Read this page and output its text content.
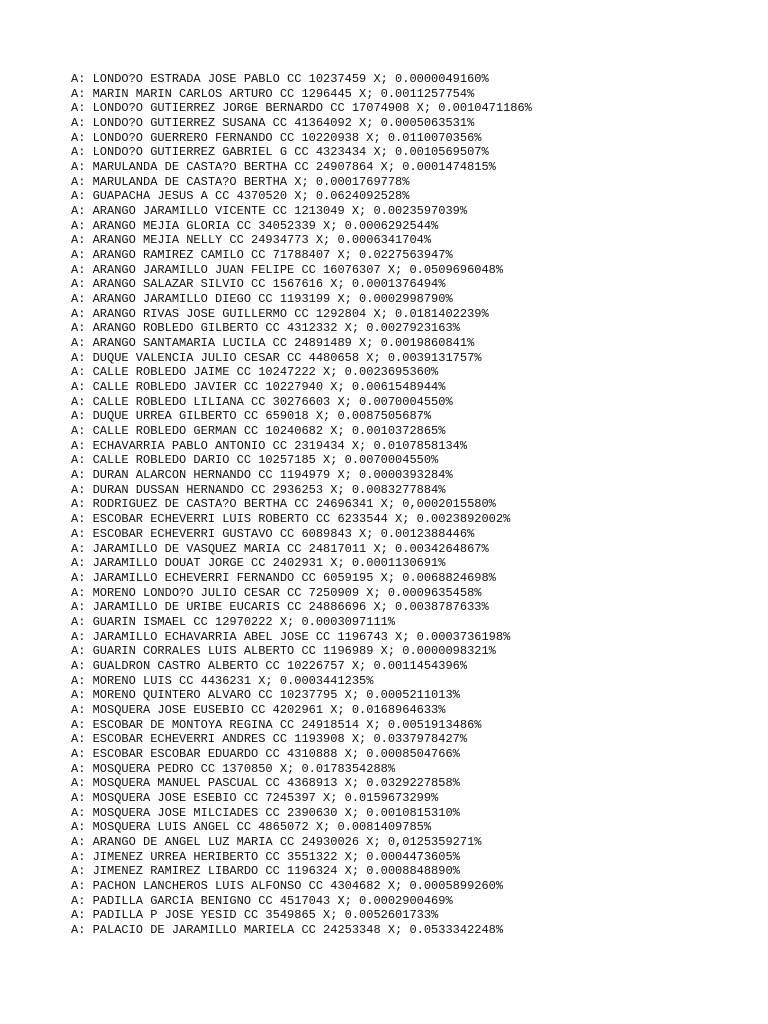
A: LONDO?O ESTRADA JOSE PABLO CC 10237459 X; 0.0000049160%
A: MARIN MARIN CARLOS ARTURO CC 1296445 X; 0.0011257754%
A: LONDO?O GUTIERREZ JORGE BERNARDO CC 17074908 X; 0.0010471186%
A: LONDO?O GUTIERREZ SUSANA CC 41364092 X; 0.0005063531%
A: LONDO?O GUERRERO FERNANDO CC 10220938 X; 0.0110070356%
A: LONDO?O GUTIERREZ GABRIEL G CC 4323434 X; 0.0010569507%
A: MARULANDA DE CASTA?O BERTHA CC 24907864 X; 0.0001474815%
A: MARULANDA DE CASTA?O BERTHA X; 0.0001769778%
A: GUAPACHA JESUS A CC 4370520 X; 0.0624092528%
A: ARANGO JARAMILLO VICENTE CC 1213049 X; 0.0023597039%
A: ARANGO MEJIA GLORIA CC 34052339 X; 0.0006292544%
A: ARANGO MEJIA NELLY CC 24934773 X; 0.0006341704%
A: ARANGO RAMIREZ CAMILO CC 71788407 X; 0.0227563947%
A: ARANGO JARAMILLO JUAN FELIPE CC 16076307 X; 0.0509696048%
A: ARANGO SALAZAR SILVIO CC 1567616 X; 0.0001376494%
A: ARANGO JARAMILLO DIEGO CC 1193199 X; 0.0002998790%
A: ARANGO RIVAS JOSE GUILLERMO CC 1292804 X; 0.0181402239%
A: ARANGO ROBLEDO GILBERTO CC 4312332 X; 0.0027923163%
A: ARANGO SANTAMARIA LUCILA CC 24891489 X; 0.0019860841%
A: DUQUE VALENCIA JULIO CESAR CC 4480658 X; 0.0039131757%
A: CALLE ROBLEDO JAIME CC 10247222 X; 0.0023695360%
A: CALLE ROBLEDO JAVIER CC 10227940 X; 0.0061548944%
A: CALLE ROBLEDO LILIANA CC 30276603 X; 0.0070004550%
A: DUQUE URREA GILBERTO CC 659018 X; 0.0087505687%
A: CALLE ROBLEDO GERMAN CC 10240682 X; 0.0010372865%
A: ECHAVARRIA PABLO ANTONIO CC 2319434 X; 0.0107858134%
A: CALLE ROBLEDO DARIO CC 10257185 X; 0.0070004550%
A: DURAN ALARCON HERNANDO CC 1194979 X; 0.0000393284%
A: DURAN DUSSAN HERNANDO CC 2936253 X; 0.0083277884%
A: RODRIGUEZ DE CASTA?O BERTHA CC 24696341 X; 0,0002015580%
A: ESCOBAR ECHEVERRI LUIS ROBERTO CC 6233544 X; 0.0023892002%
A: ESCOBAR ECHEVERRI GUSTAVO CC 6089843 X; 0.0012388446%
A: JARAMILLO DE VASQUEZ MARIA CC 24817011 X; 0.0034264867%
A: JARAMILLO DOUAT JORGE CC 2402931 X; 0.0001130691%
A: JARAMILLO ECHEVERRI FERNANDO CC 6059195 X; 0.0068824698%
A: MORENO LONDO?O JULIO CESAR CC 7250909 X; 0.0009635458%
A: JARAMILLO DE URIBE EUCARIS CC 24886696 X; 0.0038787633%
A: GUARIN ISMAEL CC 12970222 X; 0.0003097111%
A: JARAMILLO ECHAVARRIA ABEL JOSE CC 1196743 X; 0.0003736198%
A: GUARIN CORRALES LUIS ALBERTO CC 1196989 X; 0.0000098321%
A: GUALDRON CASTRO ALBERTO CC 10226757 X; 0.0011454396%
A: MORENO LUIS CC 4436231 X; 0.0003441235%
A: MORENO QUINTERO ALVARO CC 10237795 X; 0.0005211013%
A: MOSQUERA JOSE EUSEBIO CC 4202961 X; 0.0168964633%
A: ESCOBAR DE MONTOYA REGINA CC 24918514 X; 0.0051913486%
A: ESCOBAR ECHEVERRI ANDRES CC 1193908 X; 0.0337978427%
A: ESCOBAR ESCOBAR EDUARDO CC 4310888 X; 0.0008504766%
A: MOSQUERA PEDRO CC 1370850 X; 0.0178354288%
A: MOSQUERA MANUEL PASCUAL CC 4368913 X; 0.0329227858%
A: MOSQUERA JOSE ESEBIO CC 7245397 X; 0.0159673299%
A: MOSQUERA JOSE MILCIADES CC 2390630 X; 0.0010815310%
A: MOSQUERA LUIS ANGEL CC 4865072 X; 0.0081409785%
A: ARANGO DE ANGEL LUZ MARIA CC 24930026 X; 0,0125359271%
A: JIMENEZ URREA HERIBERTO CC 3551322 X; 0.0004473605%
A: JIMENEZ RAMIREZ LIBARDO CC 1196324 X; 0.0008848890%
A: PACHON LANCHEROS LUIS ALFONSO CC 4304682 X; 0.0005899260%
A: PADILLA GARCIA BENIGNO CC 4517043 X; 0.0002900469%
A: PADILLA P JOSE YESID CC 3549865 X; 0.0052601733%
A: PALACIO DE JARAMILLO MARIELA CC 24253348 X; 0.0533342248%
